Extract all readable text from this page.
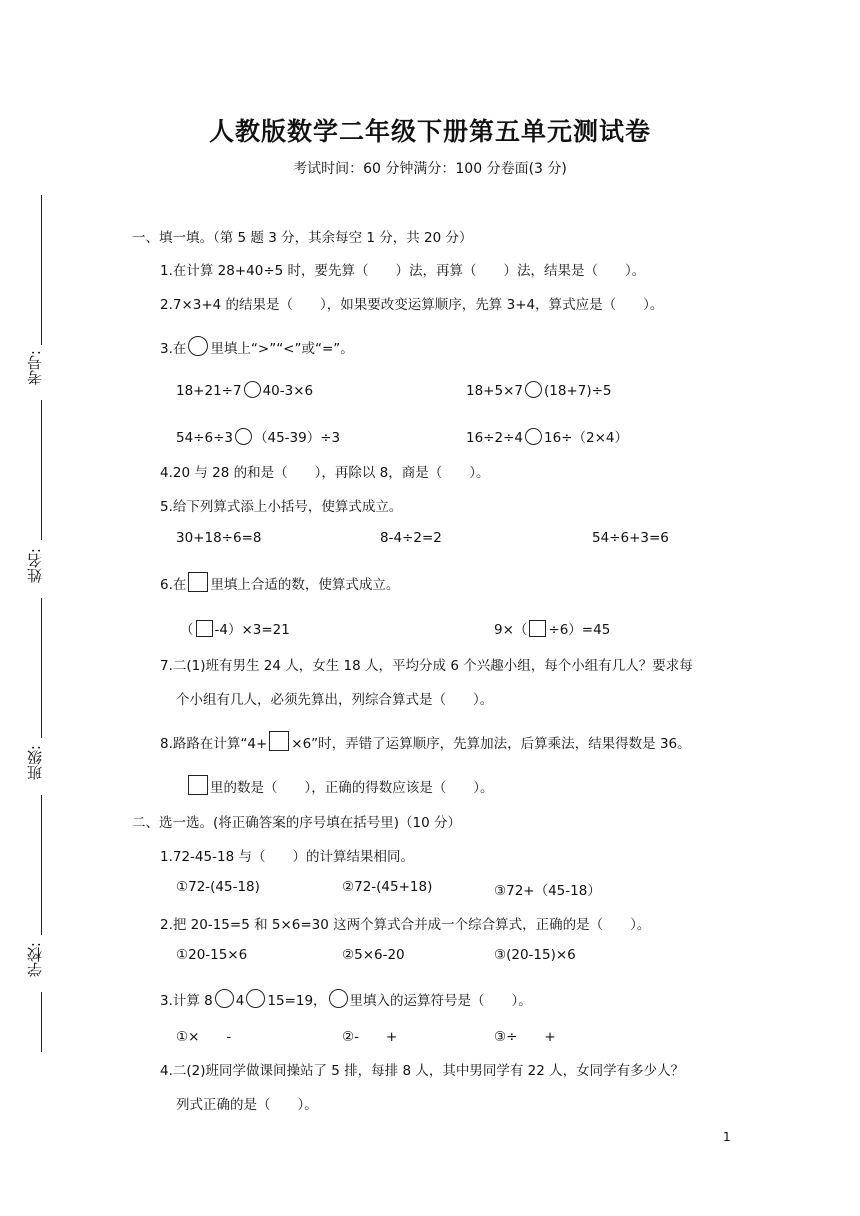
人教版数学二年级下册第五单元测试卷
考试时间：60 分钟满分：100 分卷面(3 分)
考号:
姓名:
班级:
学校:
一、填一填。（第 5 题 3 分，其余每空 1 分，共 20 分）
1.在计算 28+40÷5 时，要先算（　　）法，再算（　　）法，结果是（　　）。
2.7×3+4 的结果是（　　），如果要改变运算顺序，先算 3+4，算式应是（　　）。
3.在 里填上“>”“<”或“=”。
18+21÷7 40-3×6	18+5×7 (18+7)÷5
54÷6÷3 （45-39）÷3	16÷2÷4 16÷（2×4）
4.20 与 28 的和是（　　），再除以 8，商是（　　）。
5.给下列算式添上小括号，使算式成立。
30+18÷6=8	8-4÷2=2	54÷6+3=6
6.在 里填上合适的数，使算式成立。
（ -4）×3=21	9×（ ÷6）=45
7.二(1)班有男生 24 人，女生 18 人，平均分成 6 个兴趣小组，每个小组有几人？要求每
个小组有几人，必须先算出，列综合算式是（　　）。
8.路路在计算“4+ ×6”时，弄错了运算顺序，先算加法，后算乘法，结果得数是 36。
里的数是（　　），正确的得数应该是（　　）。
二、选一选。(将正确答案的序号填在括号里)（10 分）
1.72-45-18 与（　　）的计算结果相同。
①72-(45-18)	②72-(45+18)	③72+（45-18）
2.把 20-15=5 和 5×6=30 这两个算式合并成一个综合算式，正确的是（　　）。
①20-15×6	②5×6-20	③(20-15)×6
3.计算 8 4 15=19， 里填入的运算符号是（　　）。
①×　　-	②-　　+	③÷　　+
4.二(2)班同学做课间操站了 5 排，每排 8 人，其中男同学有 22 人，女同学有多少人？
列式正确的是（　　）。
1
